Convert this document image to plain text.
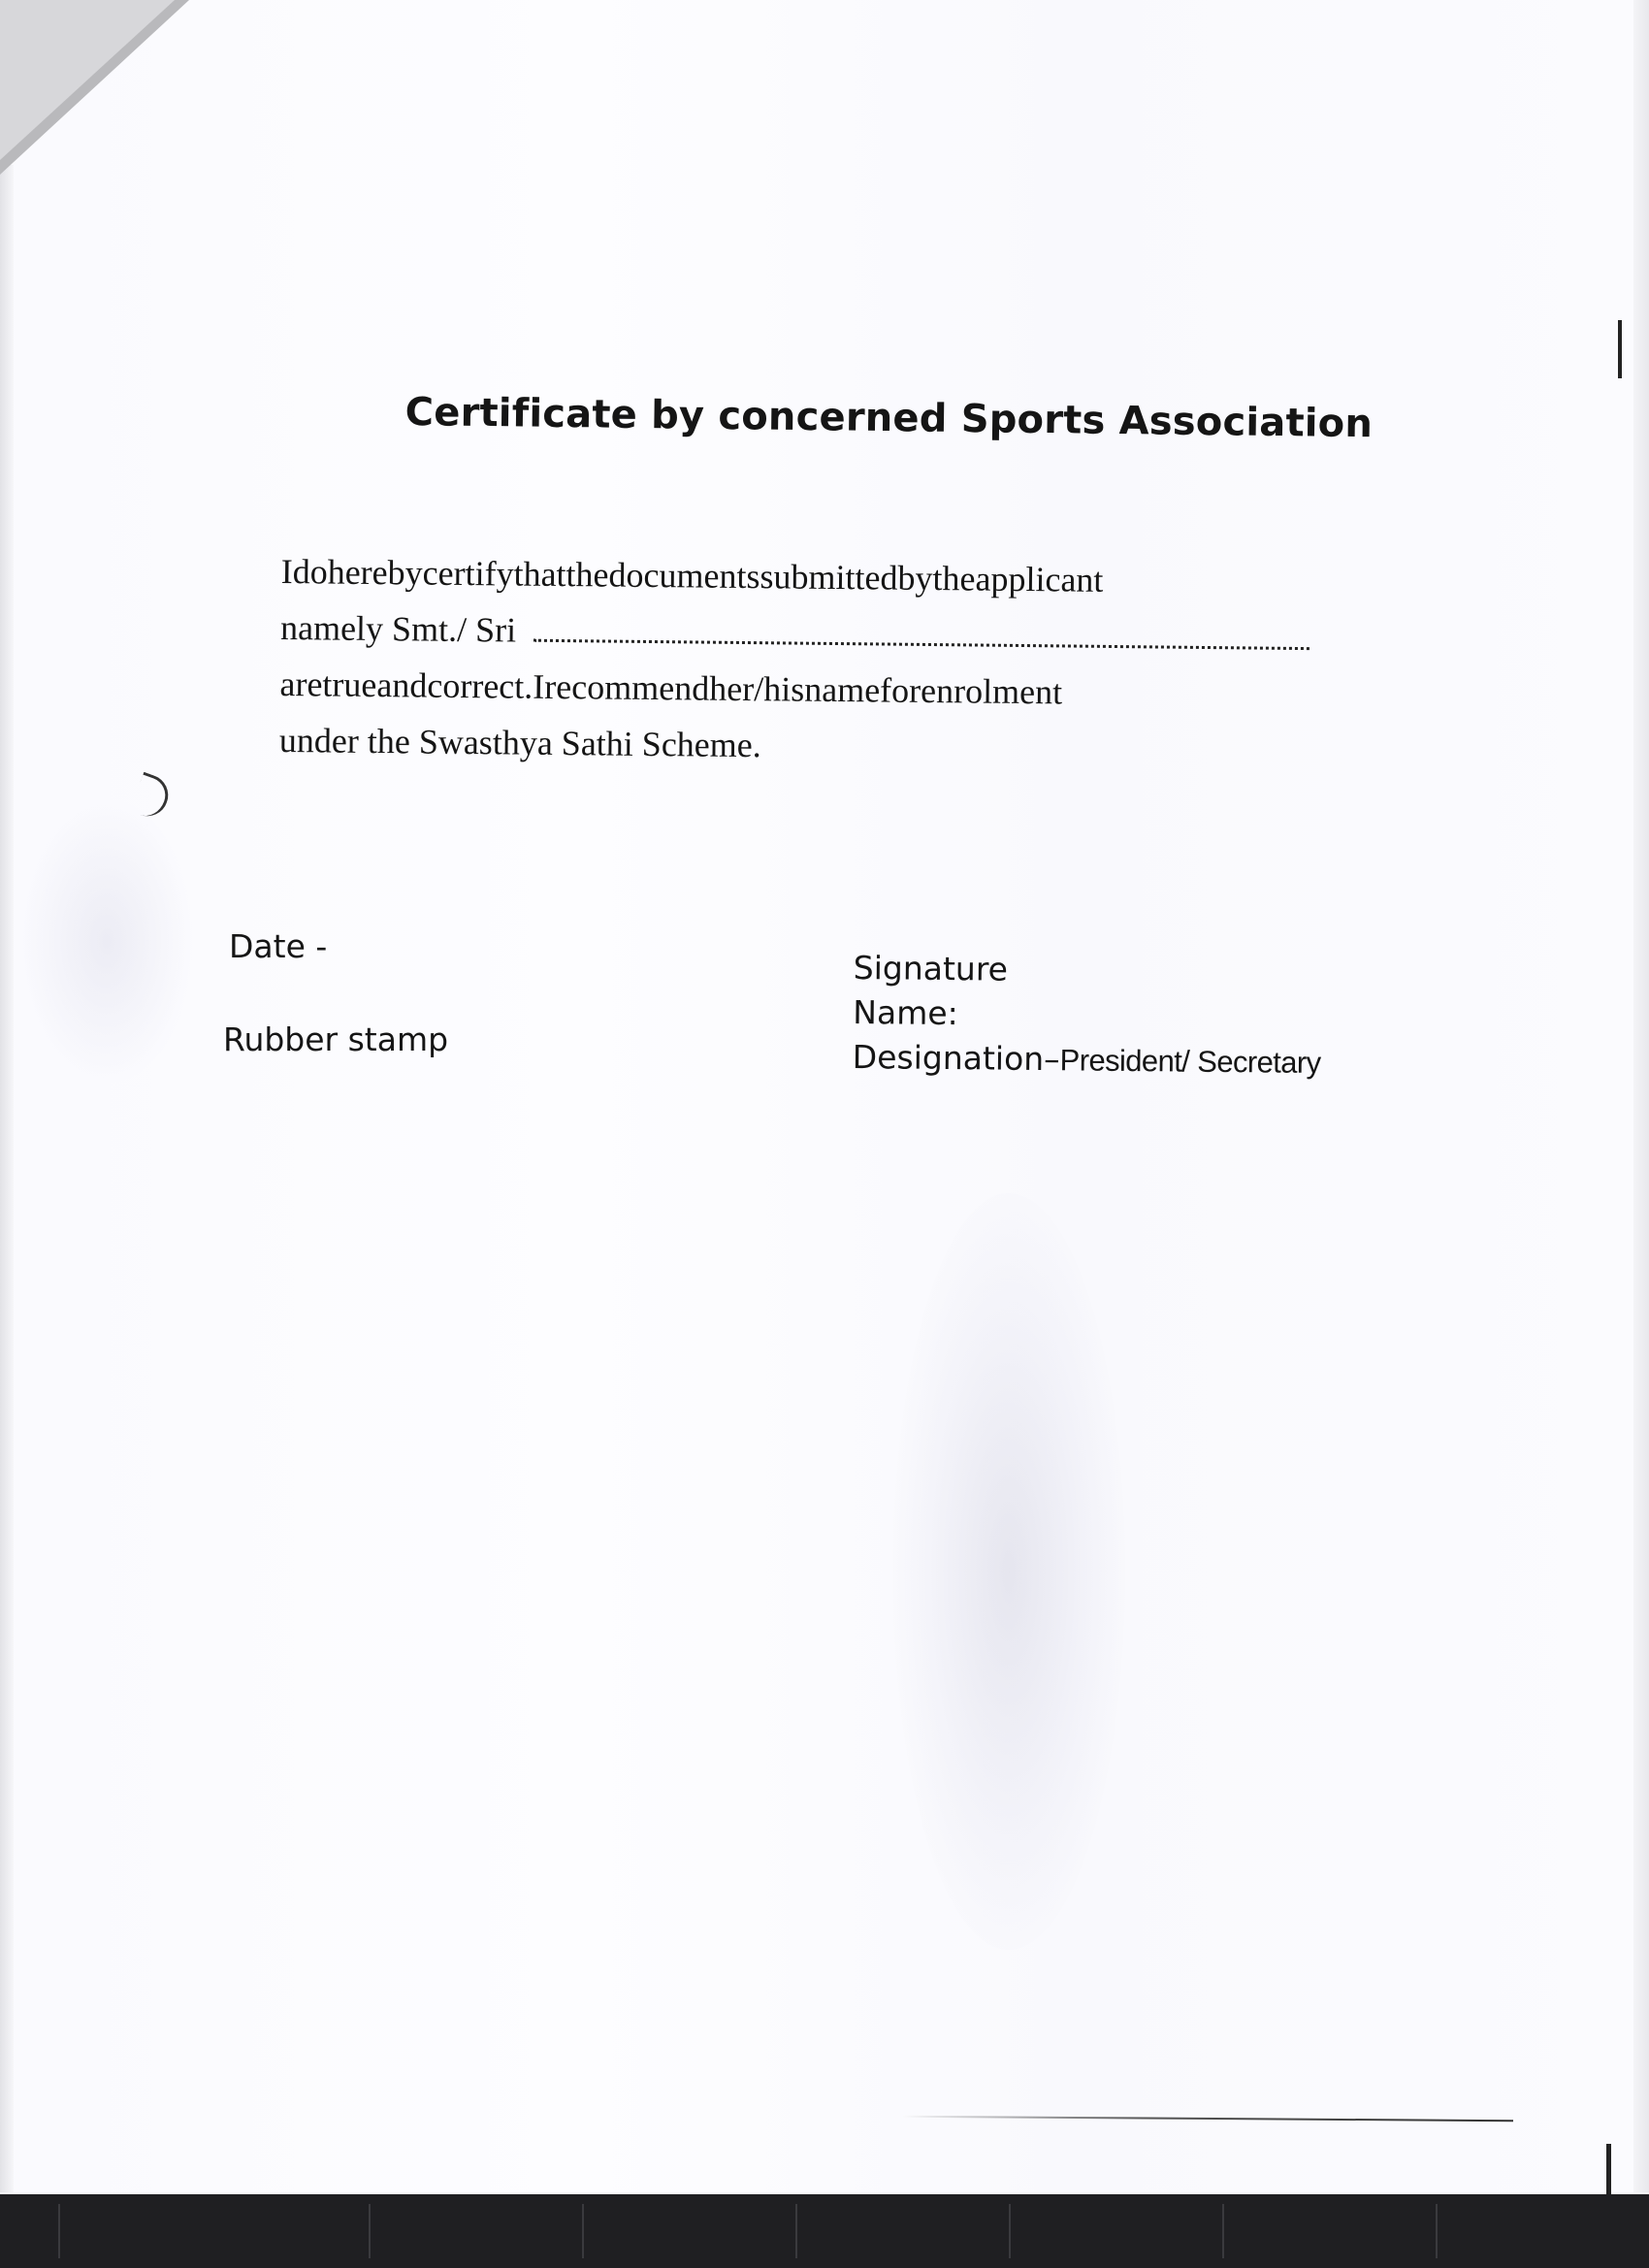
Certificate by concerned Sports Association
Idoherebycertifythatthedocumentssubmittedbytheapplicant
namely Smt./ Sri
aretrueandcorrect.Irecommendher/hisnameforenrolment
under the Swasthya Sathi Scheme.
Date -
Rubber stamp
Signature
Name:
Designation–President/ Secretary
